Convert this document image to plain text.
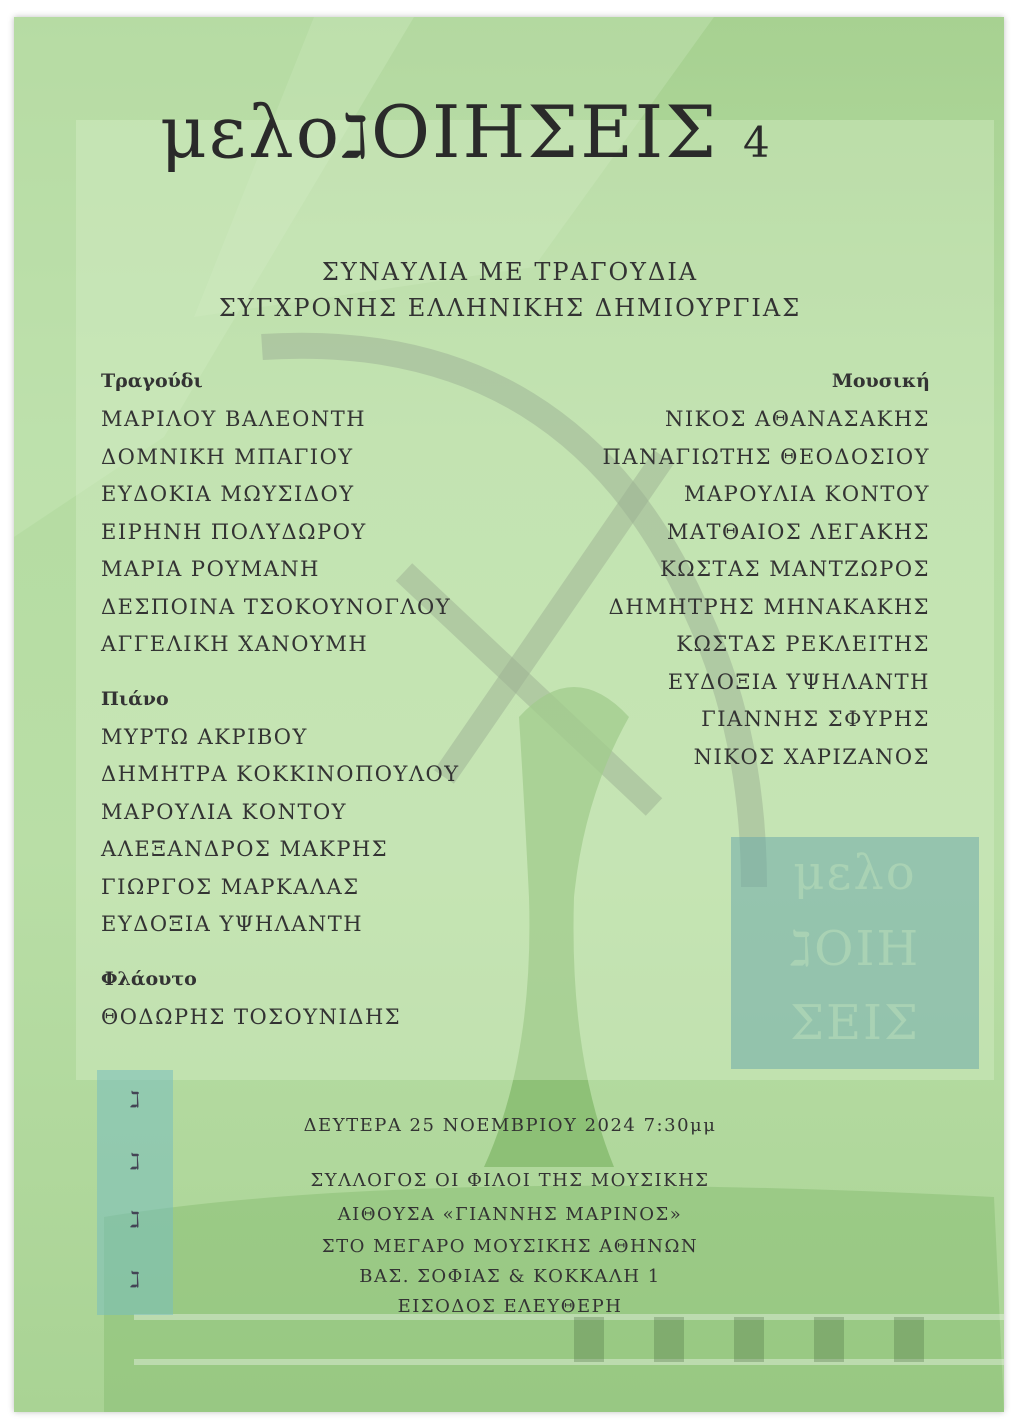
μελοℷΟΙΗΣΕΙΣ 4
ΣΥΝΑΥΛΙΑ ΜΕ ΤΡΑΓΟΥΔΙΑ
ΣΥΓΧΡΟΝΗΣ ΕΛΛΗΝΙΚΗΣ ΔΗΜΙΟΥΡΓΙΑΣ
Τραγούδι
ΜΑΡΙΛΟΥ ΒΑΛΕΟΝΤΗ
ΔΟΜΝΙΚΗ ΜΠΑΓΙΟΥ
ΕΥΔΟΚΙΑ ΜΩΥΣΙΔΟΥ
ΕΙΡΗΝΗ ΠΟΛΥΔΩΡΟΥ
ΜΑΡΙΑ ΡΟΥΜΑΝΗ
ΔΕΣΠΟΙΝΑ ΤΣΟΚΟΥΝΟΓΛΟΥ
ΑΓΓΕΛΙΚΗ ΧΑΝΟΥΜΗ
Πιάνο
ΜΥΡΤΩ ΑΚΡΙΒΟΥ
ΔΗΜΗΤΡΑ ΚΟΚΚΙΝΟΠΟΥΛΟΥ
ΜΑΡΟΥΛΙΑ ΚΟΝΤΟΥ
ΑΛΕΞΑΝΔΡΟΣ ΜΑΚΡΗΣ
ΓΙΩΡΓΟΣ ΜΑΡΚΑΛΑΣ
ΕΥΔΟΞΙΑ ΥΨΗΛΑΝΤΗ
Φλάουτο
ΘΟΔΩΡΗΣ ΤΟΣΟΥΝΙΔΗΣ
Μουσική
ΝΙΚΟΣ ΑΘΑΝΑΣΑΚΗΣ
ΠΑΝΑΓΙΩΤΗΣ ΘΕΟΔΟΣΙΟΥ
ΜΑΡΟΥΛΙΑ ΚΟΝΤΟΥ
ΜΑΤΘΑΙΟΣ ΛΕΓΑΚΗΣ
ΚΩΣΤΑΣ ΜΑΝΤΖΩΡΟΣ
ΔΗΜΗΤΡΗΣ ΜΗΝΑΚΑΚΗΣ
ΚΩΣΤΑΣ ΡΕΚΛΕΙΤΗΣ
ΕΥΔΟΞΙΑ ΥΨΗΛΑΝΤΗ
ΓΙΑΝΝΗΣ ΣΦΥΡΗΣ
ΝΙΚΟΣ ΧΑΡΙΖΑΝΟΣ
μελο
ℷΟΙΗ
ΣΕΙΣ
ℷ
ℷ
ℷ
ℷ
ΔΕΥΤΕΡΑ 25 ΝΟΕΜΒΡΙΟΥ 2024 7:30μμ
ΣΥΛΛΟΓΟΣ ΟΙ ΦΙΛΟΙ ΤΗΣ ΜΟΥΣΙΚΗΣ
ΑΙΘΟΥΣΑ «ΓΙΑΝΝΗΣ ΜΑΡΙΝΟΣ»
ΣΤΟ ΜΕΓΑΡΟ ΜΟΥΣΙΚΗΣ ΑΘΗΝΩΝ
ΒΑΣ. ΣΟΦΙΑΣ & ΚΟΚΚΑΛΗ 1
ΕΙΣΟΔΟΣ ΕΛΕΥΘΕΡΗ
